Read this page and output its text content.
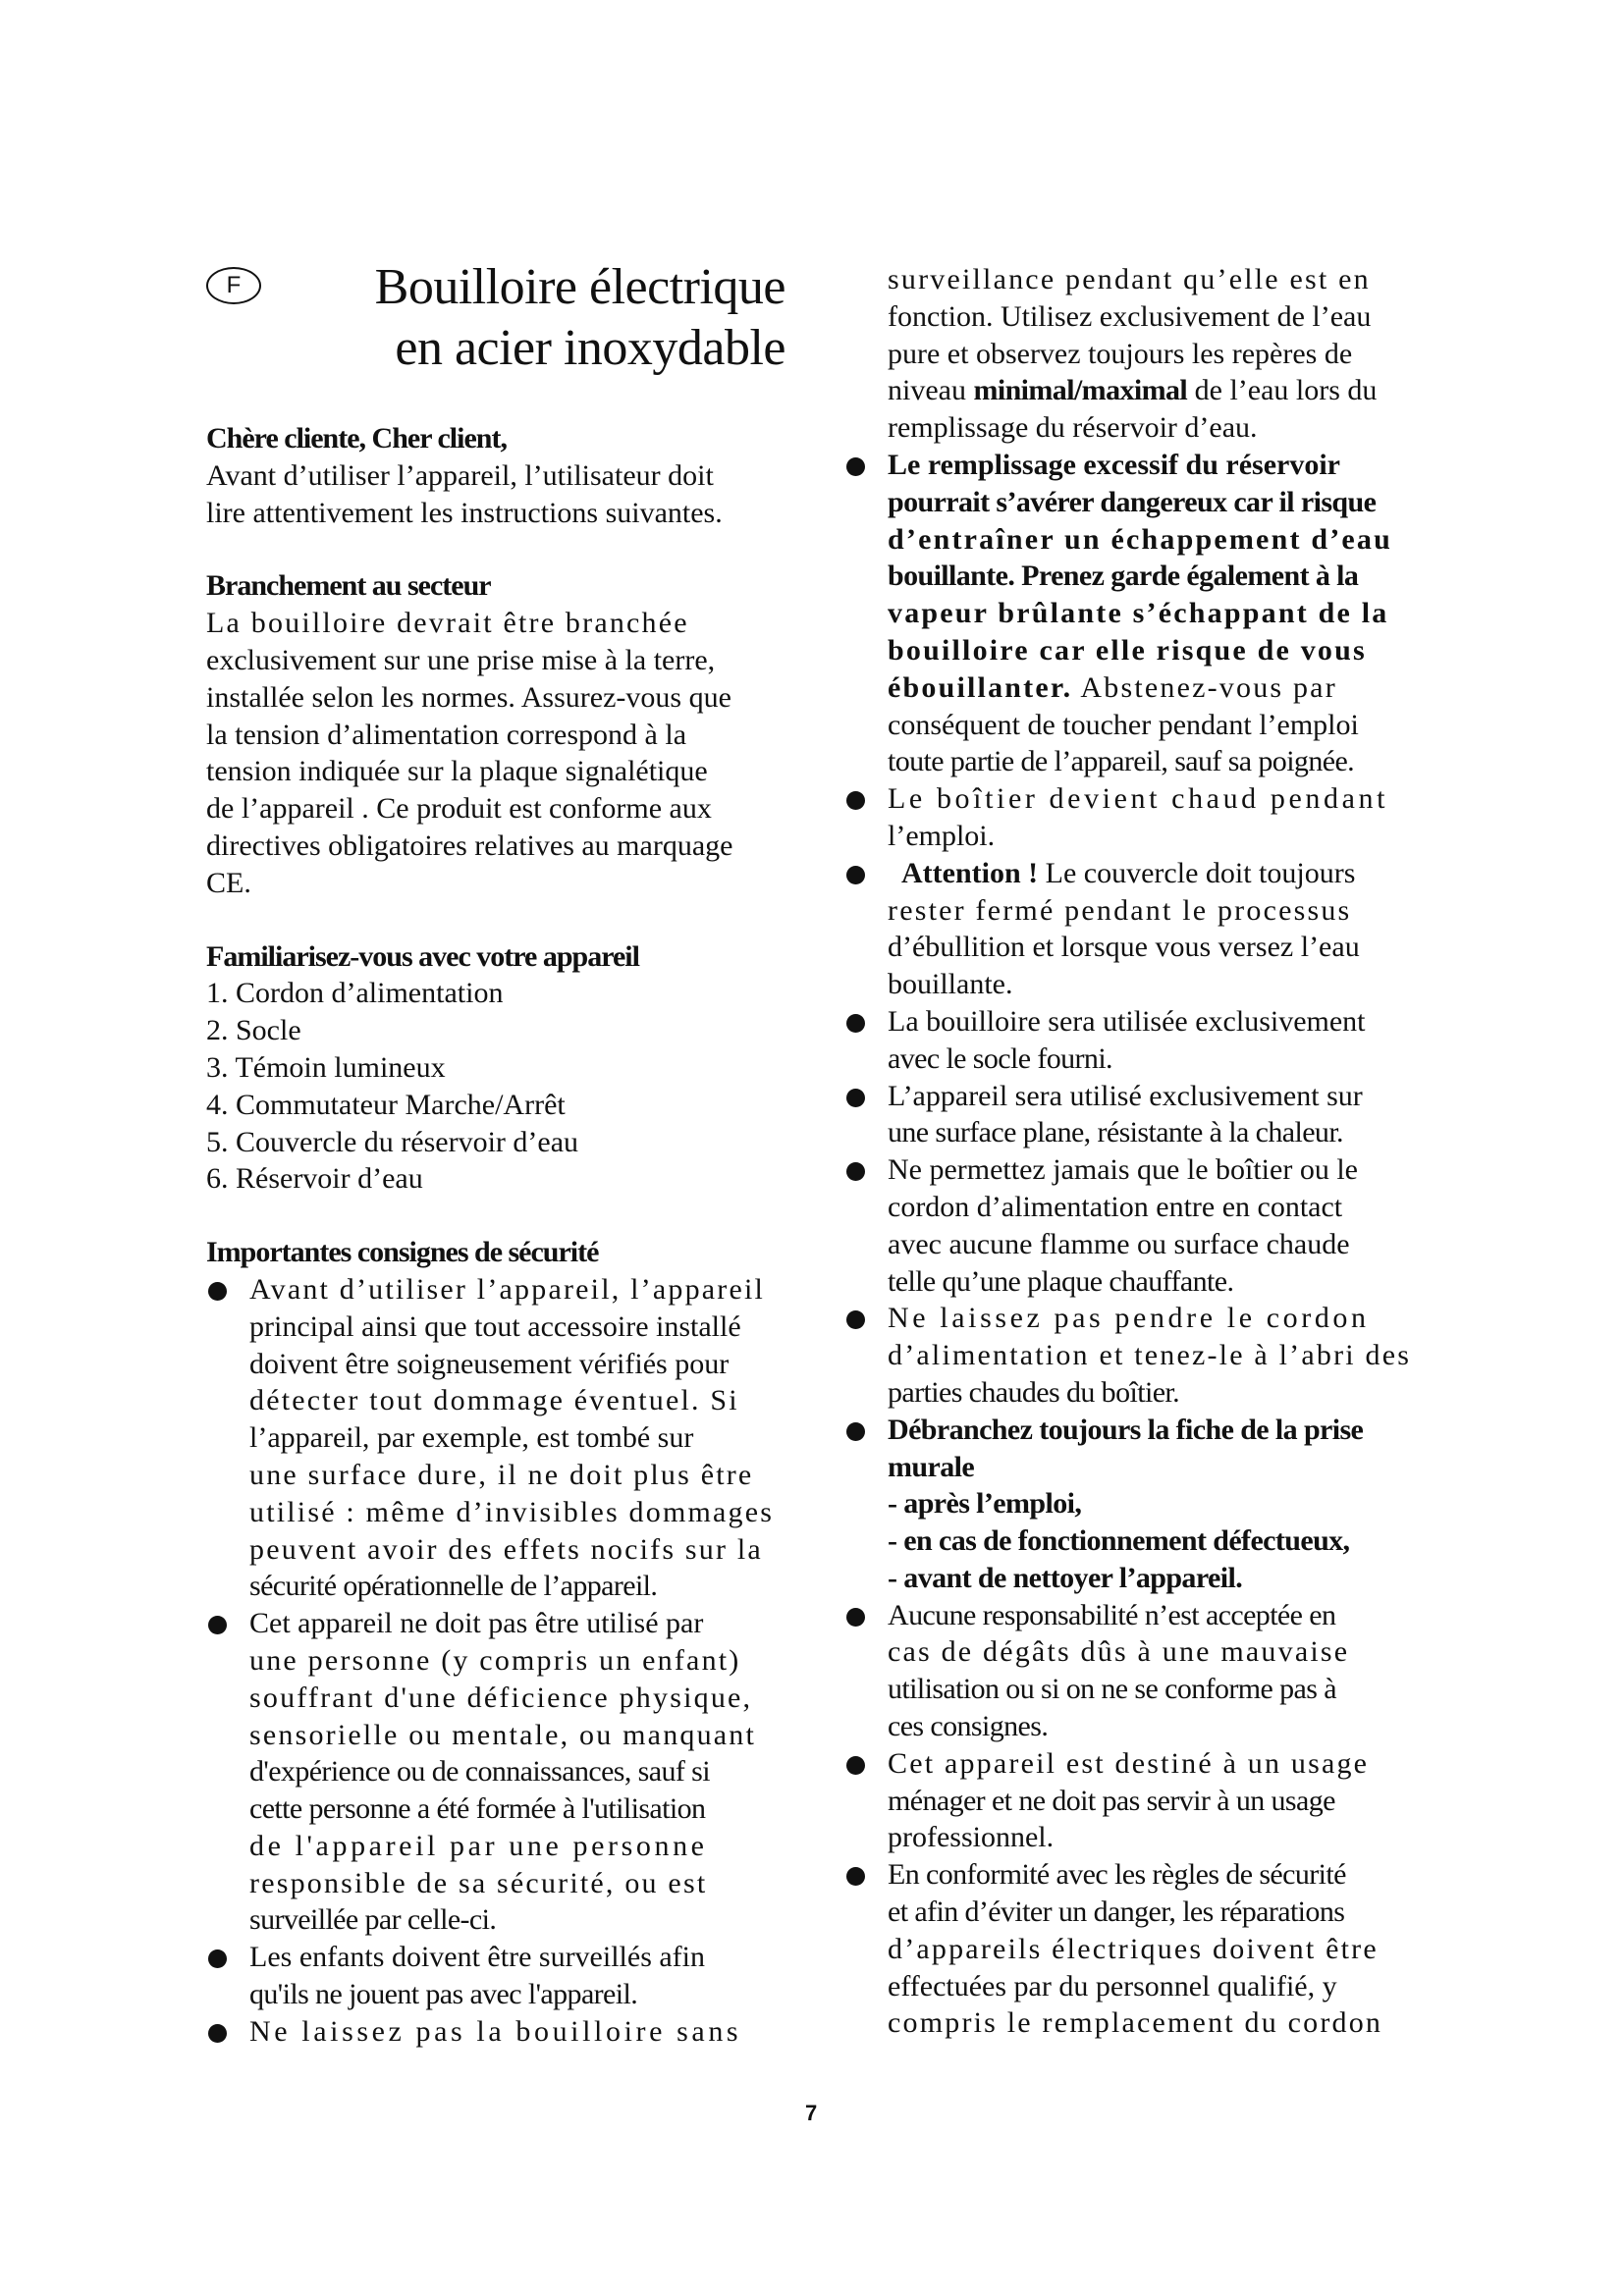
F	Bouilloire électrique
en acier inoxydable

Chère cliente, Cher client,

Avant d’utiliser l’appareil, l’utilisateur doit

lire attentivement les instructions suivantes.

Branchement au secteur

La bouilloire devrait être branchée

exclusivement sur une prise mise à la terre,

installée selon les normes. Assurez-vous que

la tension d’alimentation correspond à la

tension indiquée sur la plaque signalétique

de l’appareil . Ce produit est conforme aux

directives obligatoires relatives au marquage

CE.

Familiarisez-vous avec votre appareil

1. Cordon d’alimentation
2. Socle
3. Témoin lumineux
4. Commutateur Marche/Arrêt
5. Couvercle du réservoir d’eau
6. Réservoir d’eau

Importantes consignes de sécurité

Avant d’utiliser l’appareil, l’appareil
principal ainsi que tout accessoire installé
doivent être soigneusement vérifiés pour
détecter tout dommage éventuel. Si
l’appareil, par exemple, est tombé sur
une surface dure, il ne doit plus être
utilisé : même d’invisibles dommages
peuvent avoir des effets nocifs sur la
sécurité opérationnelle de l’appareil.
Cet appareil ne doit pas être utilisé par
une personne (y compris un enfant)
souffrant d'une déficience physique,
sensorielle ou mentale, ou manquant
d'expérience ou de connaissances, sauf si
cette personne a été formée à l'utilisation
de l'appareil par une personne
responsible de sa sécurité, ou est
surveillée par celle-ci.
Les enfants doivent être surveillés afin
qu'ils ne jouent pas avec l'appareil.
Ne laissez pas la bouilloire sans
surveillance pendant qu’elle est en
fonction. Utilisez exclusivement de l’eau
pure et observez toujours les repères de
niveau minimal/maximal de l’eau lors du
remplissage du réservoir d’eau.
Le remplissage excessif du réservoir
pourrait s’avérer dangereux car il risque
d’entraîner un échappement d’eau
bouillante. Prenez garde également à la
vapeur brûlante s’échappant de la
bouilloire car elle risque de vous
ébouillanter. Abstenez-vous par
conséquent de toucher pendant l’emploi
toute partie de l’appareil, sauf sa poignée.
Le boîtier devient chaud pendant
l’emploi.
Attention ! Le couvercle doit toujours
rester fermé pendant le processus
d’ébullition et lorsque vous versez l’eau
bouillante.
La bouilloire sera utilisée exclusivement
avec le socle fourni.
L’appareil sera utilisé exclusivement sur
une surface plane, résistante à la chaleur.
Ne permettez jamais que le boîtier ou le
cordon d’alimentation entre en contact
avec aucune flamme ou surface chaude
telle qu’une plaque chauffante.
Ne laissez pas pendre le cordon
d’alimentation et tenez-le à l’abri des
parties chaudes du boîtier.
Débranchez toujours la fiche de la prise
murale
- après l’emploi,
- en cas de fonctionnement défectueux,
- avant de nettoyer l’appareil.
Aucune responsabilité n’est acceptée en
cas de dégâts dûs à une mauvaise
utilisation ou si on ne se conforme pas à
ces consignes.
Cet appareil est destiné à un usage
ménager et ne doit pas servir à un usage
professionnel.
En conformité avec les règles de sécurité
et afin d’éviter un danger, les réparations
d’appareils électriques doivent être
effectuées par du personnel qualifié, y
compris le remplacement du cordon
7
